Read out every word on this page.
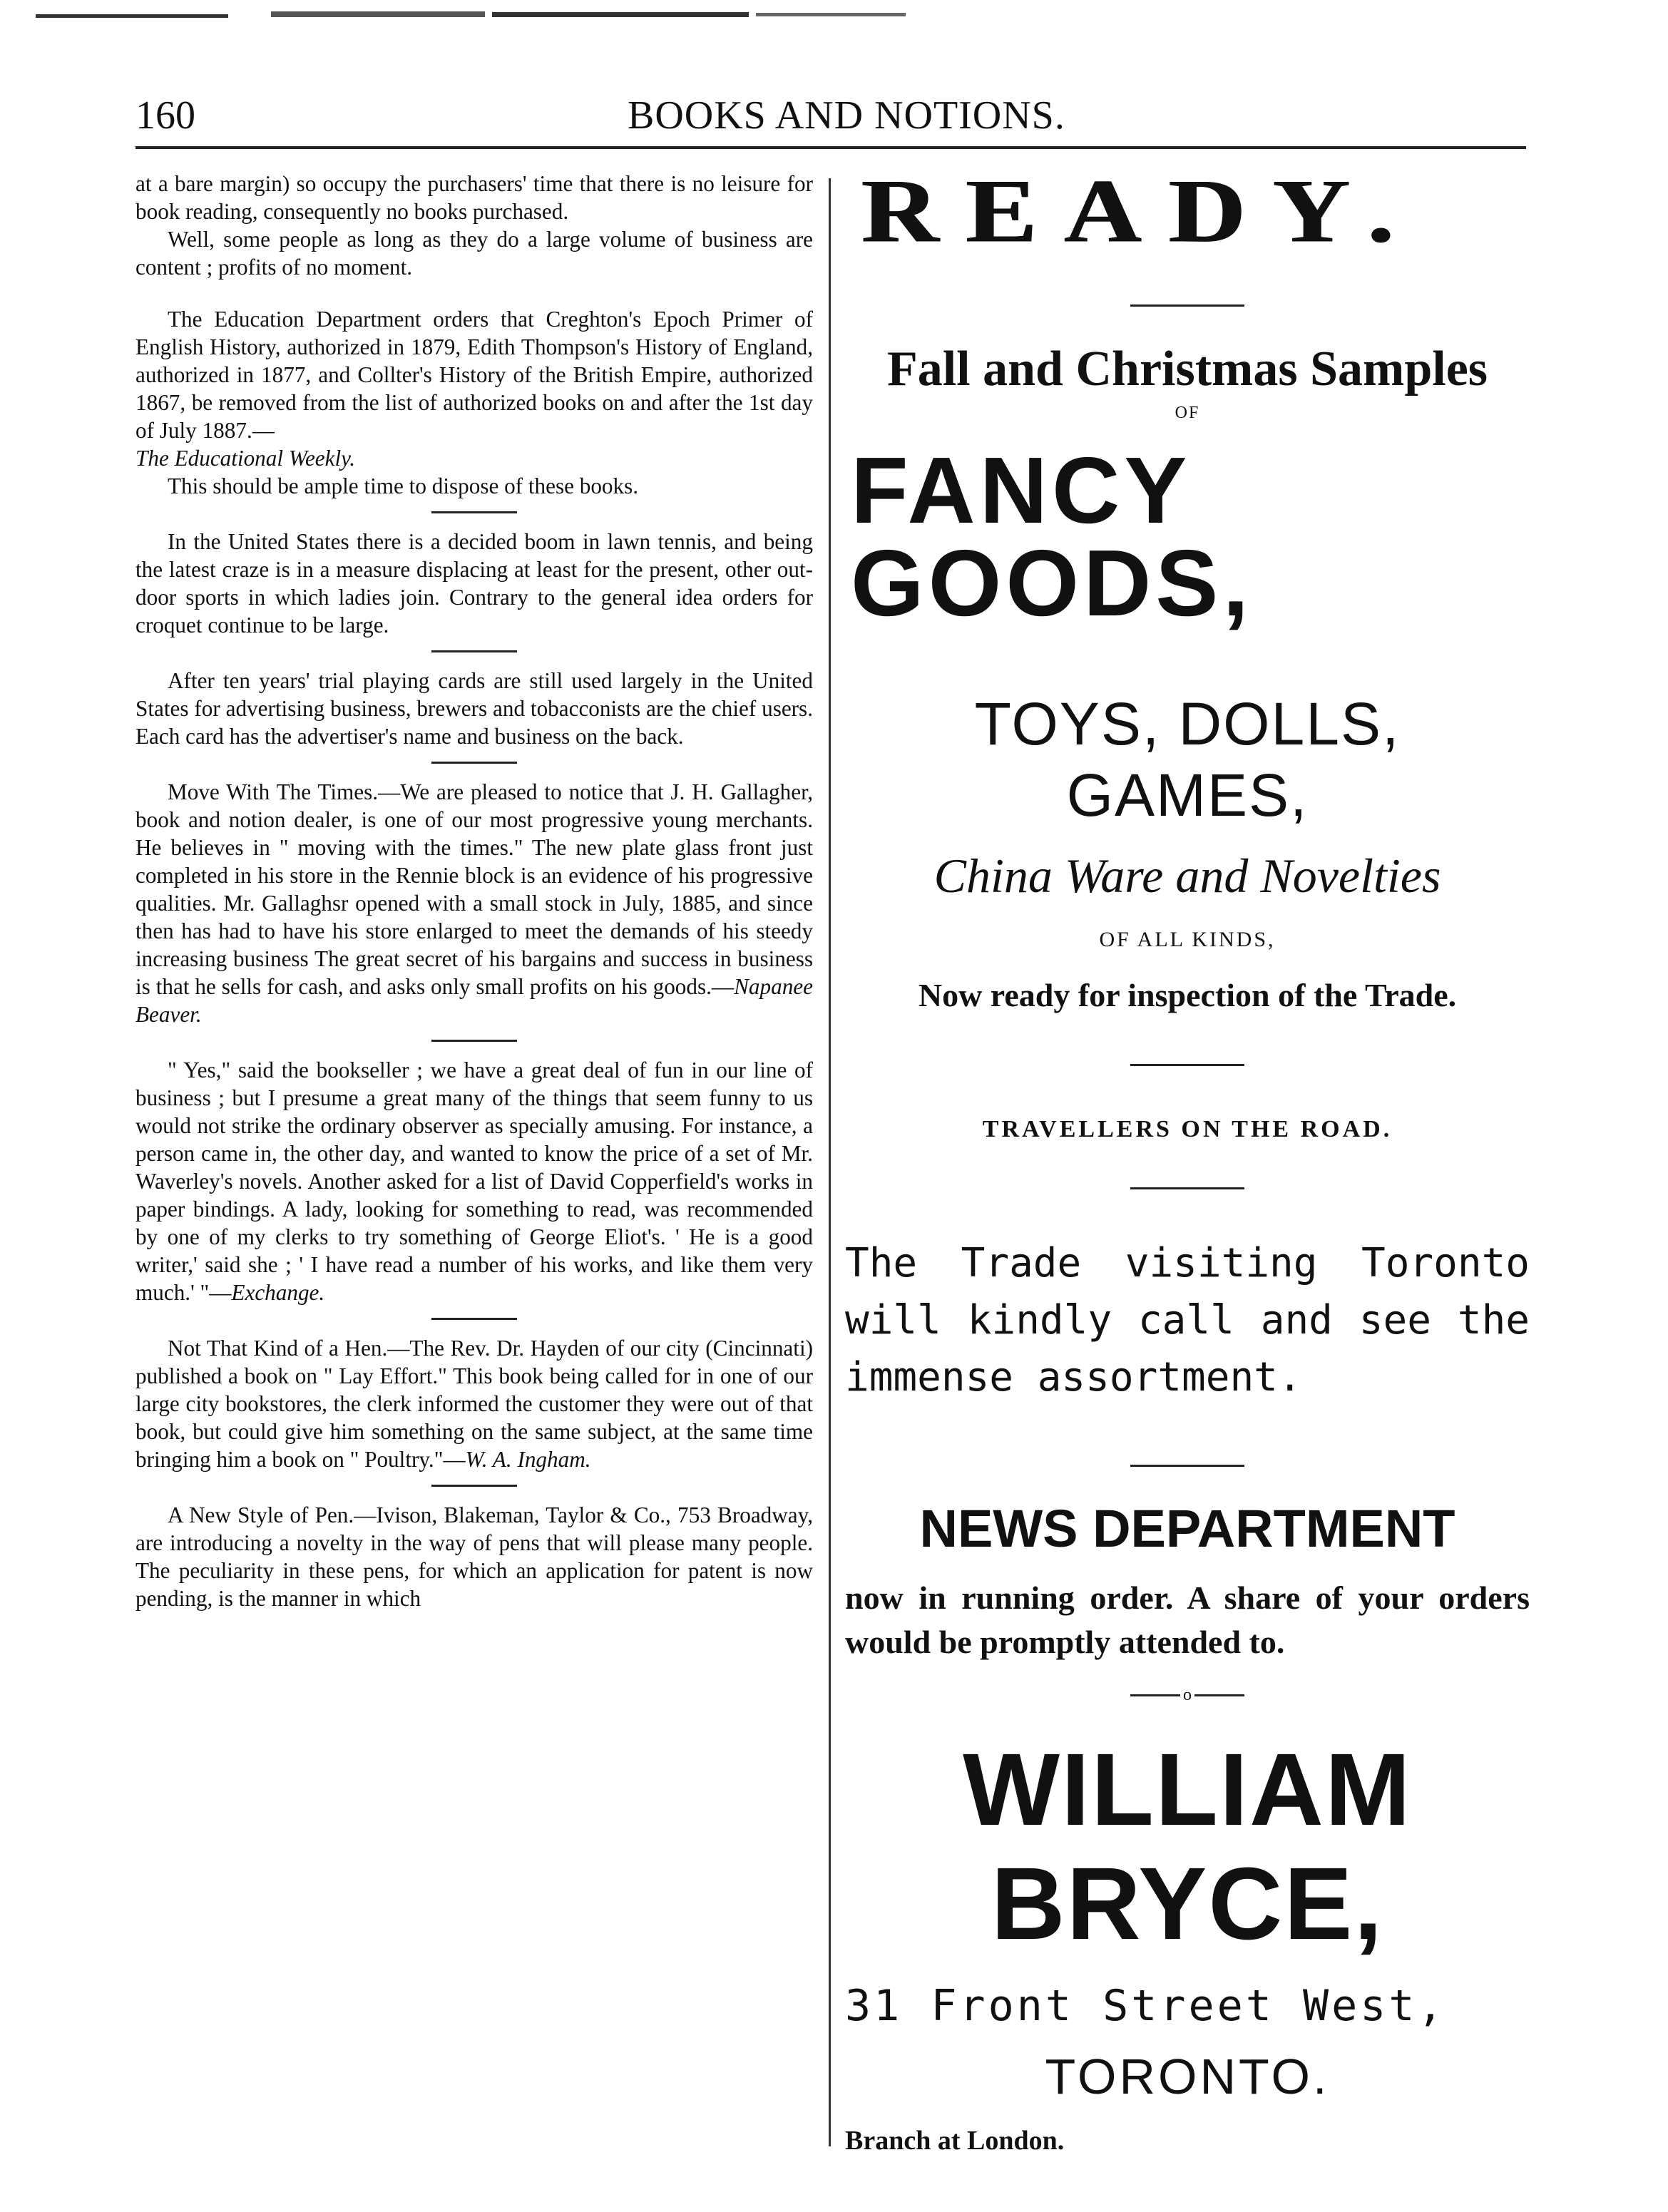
160	BOOKS AND NOTIONS.

at a bare margin) so occupy the purchasers' time that there is no leisure for book reading, consequently no books purchased.

Well, some people as long as they do a large volume of business are content ; profits of no moment.

The Education Department orders that Creghton's Epoch Primer of English History, authorized in 1879, Edith Thompson's History of England, authorized in 1877, and Collter's History of the British Empire, authorized 1867, be removed from the list of authorized books on and after the 1st day of July 1887.—
The Educational Weekly.

This should be ample time to dispose of these books.

In the United States there is a decided boom in lawn tennis, and being the latest craze is in a measure displacing at least for the present, other out-door sports in which ladies join. Contrary to the general idea orders for croquet continue to be large.

After ten years' trial playing cards are still used largely in the United States for advertising business, brewers and tobacconists are the chief users. Each card has the advertiser's name and business on the back.

Move With The Times.—We are pleased to notice that J. H. Gallagher, book and notion dealer, is one of our most progressive young merchants. He believes in " moving with the times." The new plate glass front just completed in his store in the Rennie block is an evidence of his progressive qualities. Mr. Gallaghsr opened with a small stock in July, 1885, and since then has had to have his store enlarged to meet the demands of his steedy increasing business The great secret of his bargains and success in business is that he sells for cash, and asks only small profits on his goods.—Napanee Beaver.

" Yes," said the bookseller ; we have a great deal of fun in our line of business ; but I presume a great many of the things that seem funny to us would not strike the ordinary observer as specially amusing. For instance, a person came in, the other day, and wanted to know the price of a set of Mr. Waverley's novels. Another asked for a list of David Copperfield's works in paper bindings. A lady, looking for something to read, was recommended by one of my clerks to try something of George Eliot's. ' He is a good writer,' said she ; ' I have read a number of his works, and like them very much.' "—Exchange.

Not That Kind of a Hen.—The Rev. Dr. Hayden of our city (Cincinnati) published a book on " Lay Effort." This book being called for in one of our large city bookstores, the clerk informed the customer they were out of that book, but could give him something on the same subject, at the same time bringing him a book on " Poultry."—W. A. Ingham.

A New Style of Pen.—Ivison, Blakeman, Taylor & Co., 753 Broadway, are introducing a novelty in the way of pens that will please many people. The peculiarity in these pens, for which an application for patent is now pending, is the manner in which

READY.
Fall and Christmas Samples
OF
FANCY GOODS,
TOYS, DOLLS, GAMES,
China Ware and Novelties
OF ALL KINDS,
Now ready for inspection of the Trade.
TRAVELLERS ON THE ROAD.
The Trade visiting Toronto will kindly call and see the immense assortment.
NEWS DEPARTMENT
now in running order. A share of your orders would be promptly attended to.
o
WILLIAM BRYCE,
31 Front Street West,
TORONTO.
Branch at London.
